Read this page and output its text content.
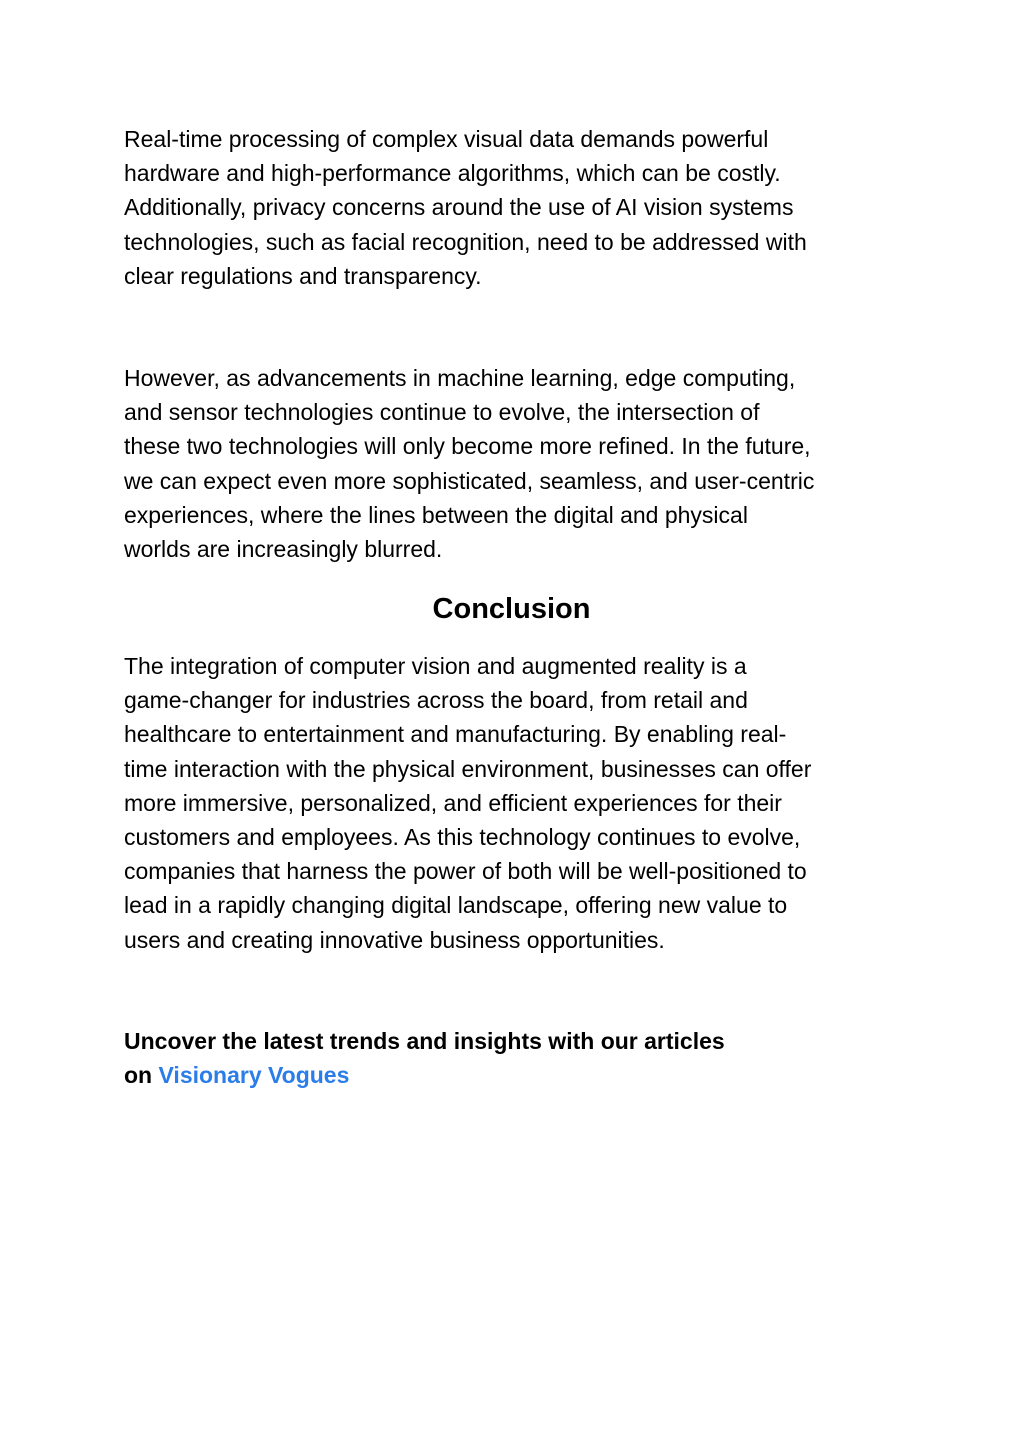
Real-time processing of complex visual data demands powerful
hardware and high-performance algorithms, which can be costly.
Additionally, privacy concerns around the use of AI vision systems
technologies, such as facial recognition, need to be addressed with
clear regulations and transparency.

However, as advancements in machine learning, edge computing,
and sensor technologies continue to evolve, the intersection of
these two technologies will only become more refined. In the future,
we can expect even more sophisticated, seamless, and user-centric
experiences, where the lines between the digital and physical
worlds are increasingly blurred.

Conclusion

The integration of computer vision and augmented reality is a
game-changer for industries across the board, from retail and
healthcare to entertainment and manufacturing. By enabling real-
time interaction with the physical environment, businesses can offer
more immersive, personalized, and efficient experiences for their
customers and employees. As this technology continues to evolve,
companies that harness the power of both will be well-positioned to
lead in a rapidly changing digital landscape, offering new value to
users and creating innovative business opportunities.

Uncover the latest trends and insights with our articles
on Visionary Vogues
